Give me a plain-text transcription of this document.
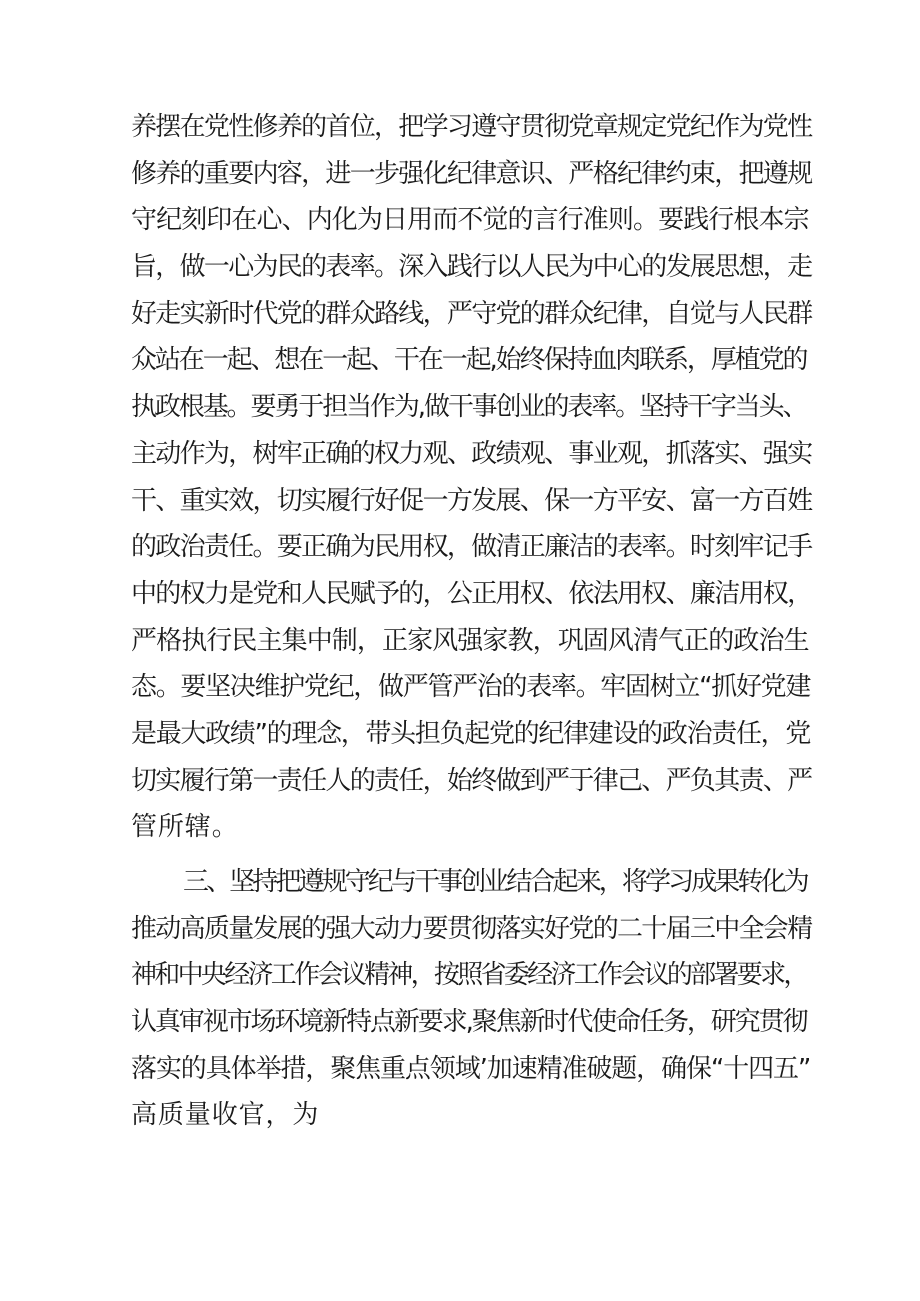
养摆在党性修养的首位，把学习遵守贯彻党章规定党纪作为党性
修养的重要内容，进一步强化纪律意识、严格纪律约束，把遵规
守纪刻印在心、内化为日用而不觉的言行准则。要践行根本宗
旨，做一心为民的表率。深入践行以人民为中心的发展思想，走
好走实新时代党的群众路线，严守党的群众纪律，自觉与人民群
众站在一起、想在一起、干在一起,始终保持血肉联系，厚植党的
执政根基。要勇于担当作为,做干事创业的表率。坚持干字当头、
主动作为，树牢正确的权力观、政绩观、事业观，抓落实、强实
干、重实效，切实履行好促一方发展、保一方平安、富一方百姓
的政治责任。要正确为民用权，做清正廉洁的表率。时刻牢记手
中的权力是党和人民赋予的，公正用权、依法用权、廉洁用权，
严格执行民主集中制，正家风强家教，巩固风清气正的政治生
态。要坚决维护党纪，做严管严治的表率。牢固树立“抓好党建
是最大政绩”的理念，带头担负起党的纪律建设的政治责任，党
切实履行第一责任人的责任，始终做到严于律己、严负其责、严
管所辖。
三、坚持把遵规守纪与干事创业结合起来，将学习成果转化为
推动高质量发展的强大动力要贯彻落实好党的二十届三中全会精
神和中央经济工作会议精神，按照省委经济工作会议的部署要求，
认真审视市场环境新特点新要求,聚焦新时代使命任务，研究贯彻
落实的具体举措，聚焦重点领域’加速精准破题，确保“十四五”
高质量收官，为
